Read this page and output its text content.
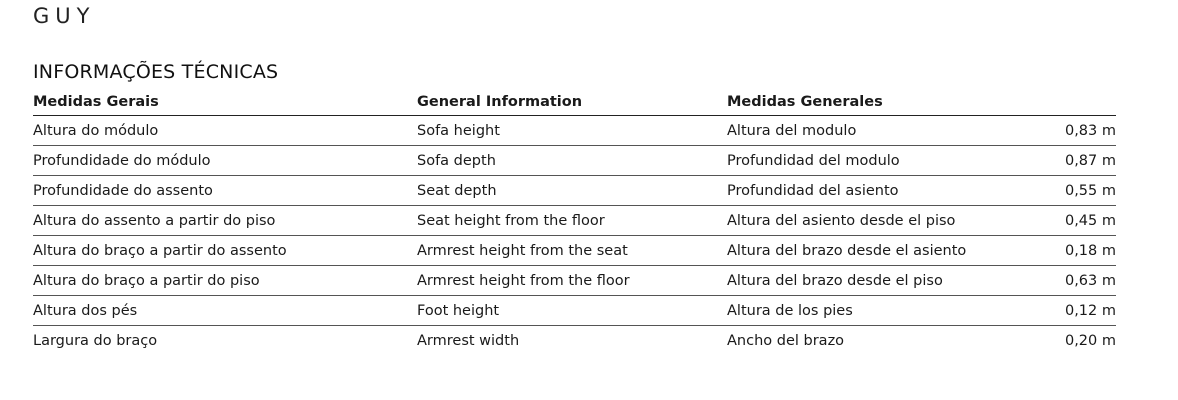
GUY
INFORMAÇÕES TÉCNICAS
Medidas Gerais	General Information	Medidas Generales	
Altura do módulo	Sofa height	Altura del modulo	0,83 m
Profundidade do módulo	Sofa depth	Profundidad del modulo	0,87 m
Profundidade do assento	Seat depth	Profundidad del asiento	0,55 m
Altura do assento a partir do piso	Seat height from the floor	Altura del asiento desde el piso	0,45 m
Altura do braço a partir do assento	Armrest height from the seat	Altura del brazo desde el asiento	0,18 m
Altura do braço a partir do piso	Armrest height from the floor	Altura del brazo desde el piso	0,63 m
Altura dos pés	Foot height	Altura de los pies	0,12 m
Largura do braço	Armrest width	Ancho del brazo	0,20 m
